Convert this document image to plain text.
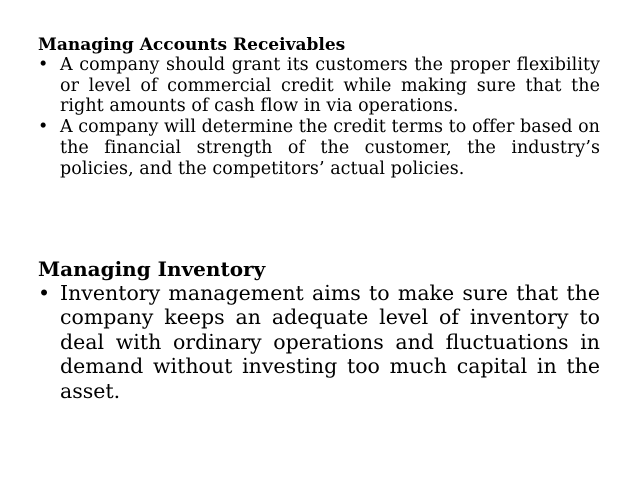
Managing Accounts Receivables
• A company should grant its customers the proper flexibility or level of commercial credit while making sure that the right amounts of cash flow in via operations.
• A company will determine the credit terms to offer based on the financial strength of the customer, the industry’s policies, and the competitors’ actual policies.
Managing Inventory
• Inventory management aims to make sure that the company keeps an adequate level of inventory to deal with ordinary operations and fluctuations in demand without investing too much capital in the asset.
